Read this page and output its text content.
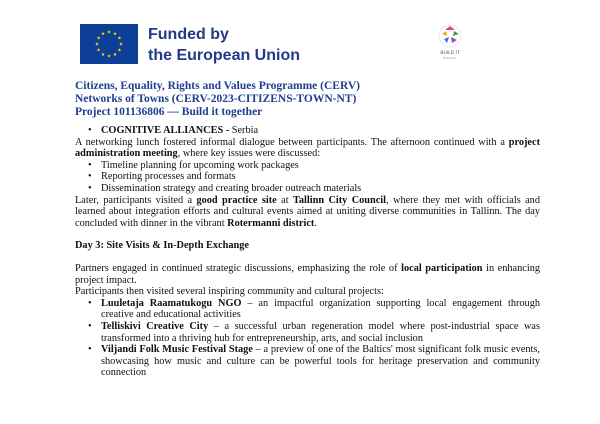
Funded by
the European Union	BUILD IT
Erasmus
Citizens, Equality, Rights and Values Programme (CERV)
Networks of Towns (CERV-2023-CITIZENS-TOWN-NT)
Project 101136806 — Build it together
• COGNITIVE ALLIANCES - Serbia

A networking lunch fostered informal dialogue between participants. The afternoon continued with a project administration meeting, where key issues were discussed:

• Timeline planning for upcoming work packages
• Reporting processes and formats
• Dissemination strategy and creating broader outreach materials

Later, participants visited a good practice site at Tallinn City Council, where they met with officials and learned about integration efforts and cultural events aimed at uniting diverse communities in Tallinn. The day concluded with dinner in the vibrant Rotermanni district.

Day 3: Site Visits & In-Depth Exchange

Partners engaged in continued strategic discussions, emphasizing the role of local participation in enhancing project impact.

Participants then visited several inspiring community and cultural projects:

• Luuletaja Raamatukogu NGO – an impactful organization supporting local engagement through creative and educational activities
• Telliskivi Creative City – a successful urban regeneration model where post-industrial space was transformed into a thriving hub for entrepreneurship, arts, and social inclusion
• Viljandi Folk Music Festival Stage – a preview of one of the Baltics' most significant folk music events, showcasing how music and culture can be powerful tools for heritage preservation and community connection
